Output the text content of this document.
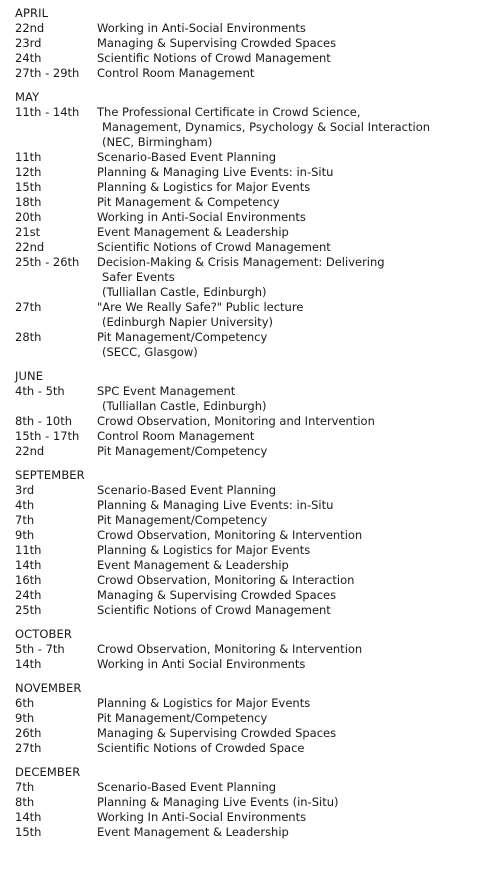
APRIL
22nd	Working in Anti-Social Environments
23rd	Managing & Supervising Crowded Spaces
24th	Scientific Notions of Crowd Management
27th - 29th	Control Room Management
MAY
11th - 14th	The Professional Certificate in Crowd Science,
Management, Dynamics, Psychology & Social Interaction
(NEC, Birmingham)
11th	Scenario-Based Event Planning
12th	Planning & Managing Live Events: in-Situ
15th	Planning & Logistics for Major Events
18th	Pit Management & Competency
20th	Working in Anti-Social Environments
21st	Event Management & Leadership
22nd	Scientific Notions of Crowd Management
25th - 26th	Decision-Making & Crisis Management: Delivering
Safer Events
(Tulliallan Castle, Edinburgh)
27th	"Are We Really Safe?" Public lecture
(Edinburgh Napier University)
28th	Pit Management/Competency
(SECC, Glasgow)
JUNE
4th - 5th	SPC Event Management
(Tulliallan Castle, Edinburgh)
8th - 10th	Crowd Observation, Monitoring and Intervention
15th - 17th	Control Room Management
22nd	Pit Management/Competency
SEPTEMBER
3rd	Scenario-Based Event Planning
4th	Planning & Managing Live Events: in-Situ
7th	Pit Management/Competency
9th	Crowd Observation, Monitoring & Intervention
11th	Planning & Logistics for Major Events
14th	Event Management & Leadership
16th	Crowd Observation, Monitoring & Interaction
24th	Managing & Supervising Crowded Spaces
25th	Scientific Notions of Crowd Management
OCTOBER
5th - 7th	Crowd Observation, Monitoring & Intervention
14th	Working in Anti Social Environments
NOVEMBER
6th	Planning & Logistics for Major Events
9th	Pit Management/Competency
26th	Managing & Supervising Crowded Spaces
27th	Scientific Notions of Crowded Space
DECEMBER
7th	Scenario-Based Event Planning
8th	Planning & Managing Live Events (in-Situ)
14th	Working In Anti-Social Environments
15th	Event Management & Leadership
